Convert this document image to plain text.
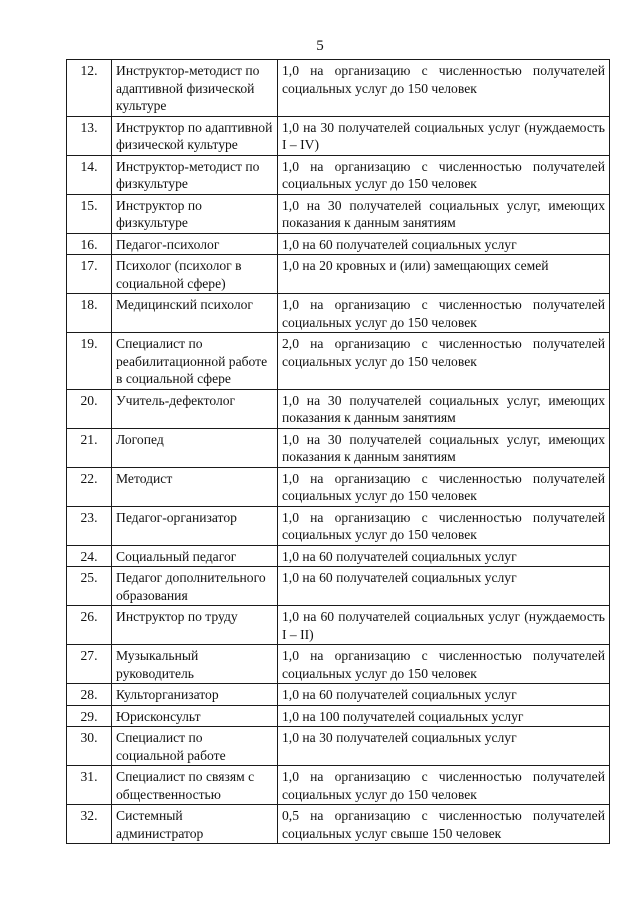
5
12.	Инструктор-методист по адаптивной физической культуре	1,0 на организацию с численностью получателей социальных услуг до 150 человек
13.	Инструктор по адаптивной физической культуре	1,0 на 30 получателей социальных услуг (нуждаемость I – IV)
14.	Инструктор-методист по физкультуре	1,0 на организацию с численностью получателей социальных услуг до 150 человек
15.	Инструктор по физкультуре	1,0 на 30 получателей социальных услуг, имеющих показания к данным занятиям
16.	Педагог-психолог	1,0 на 60 получателей социальных услуг
17.	Психолог (психолог в социальной сфере)	1,0 на 20 кровных и (или) замещающих семей
18.	Медицинский психолог	1,0 на организацию с численностью получателей социальных услуг до 150 человек
19.	Специалист по реабилитационной работе в социальной сфере	2,0 на организацию с численностью получателей социальных услуг до 150 человек
20.	Учитель-дефектолог	1,0 на 30 получателей социальных услуг, имеющих показания к данным занятиям
21.	Логопед	1,0 на 30 получателей социальных услуг, имеющих показания к данным занятиям
22.	Методист	1,0 на организацию с численностью получателей социальных услуг до 150 человек
23.	Педагог-организатор	1,0 на организацию с численностью получателей социальных услуг до 150 человек
24.	Социальный педагог	1,0 на 60 получателей социальных услуг
25.	Педагог дополнительного образования	1,0 на 60 получателей социальных услуг
26.	Инструктор по труду	1,0 на 60 получателей социальных услуг (нуждаемость I – II)
27.	Музыкальный руководитель	1,0 на организацию с численностью получателей социальных услуг до 150 человек
28.	Культорганизатор	1,0 на 60 получателей социальных услуг
29.	Юрисконсульт	1,0 на 100 получателей социальных услуг
30.	Специалист по социальной работе	1,0 на 30 получателей социальных услуг
31.	Специалист по связям с общественностью	1,0 на организацию с численностью получателей социальных услуг до 150 человек
32.	Системный администратор	0,5 на организацию с численностью получателей социальных услуг свыше 150 человек
